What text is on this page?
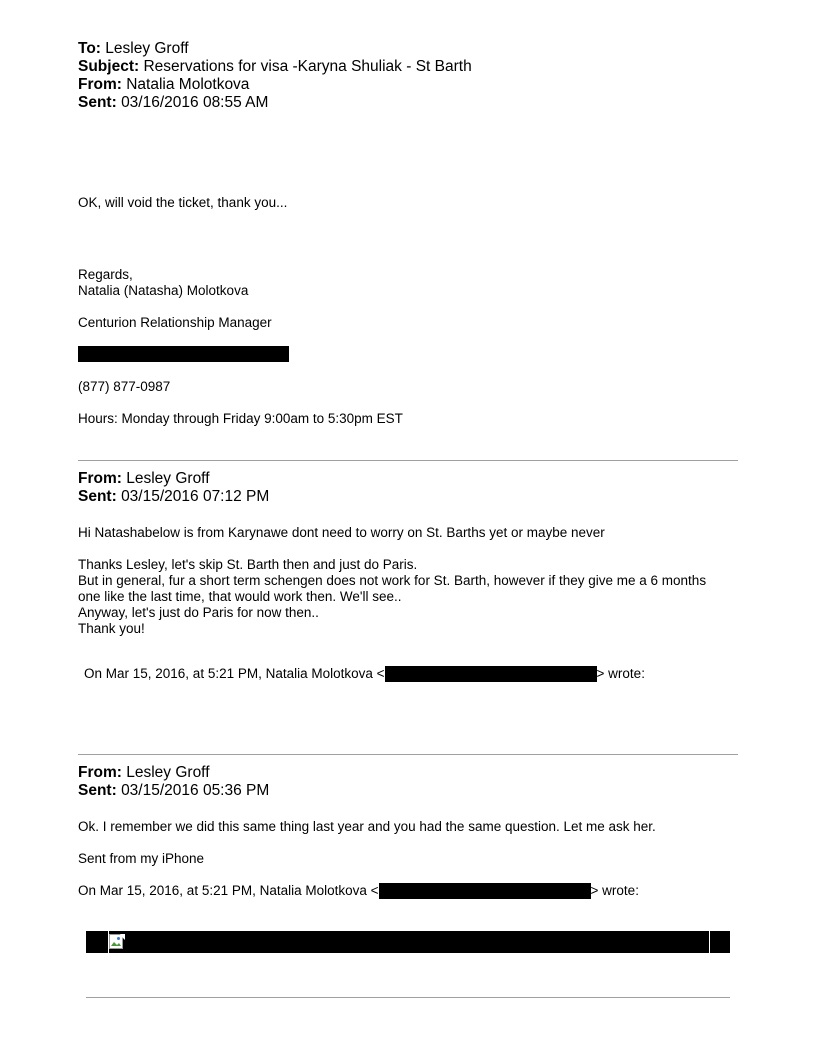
To: Lesley Groff
Subject: Reservations for visa -Karyna Shuliak - St Barth
From: Natalia Molotkova
Sent: 03/16/2016 08:55 AM
OK, will void the ticket, thank you...
Regards,
Natalia (Natasha) Molotkova
Centurion Relationship Manager
(877) 877-0987
Hours: Monday through Friday 9:00am to 5:30pm EST
From: Lesley Groff
Sent: 03/15/2016 07:12 PM
Hi Natashabelow is from Karynawe dont need to worry on St. Barths yet or maybe never
Thanks Lesley, let's skip St. Barth then and just do Paris.
But in general, fur a short term schengen does not work for St. Barth, however if they give me a 6 months
one like the last time, that would work then. We'll see..
Anyway, let's just do Paris for now then..
Thank you!
On Mar 15, 2016, at 5:21 PM, Natalia Molotkova <	> wrote:
From: Lesley Groff
Sent: 03/15/2016 05:36 PM
Ok. I remember we did this same thing last year and you had the same question. Let me ask her.
Sent from my iPhone
On Mar 15, 2016, at 5:21 PM, Natalia Molotkova <	> wrote:
